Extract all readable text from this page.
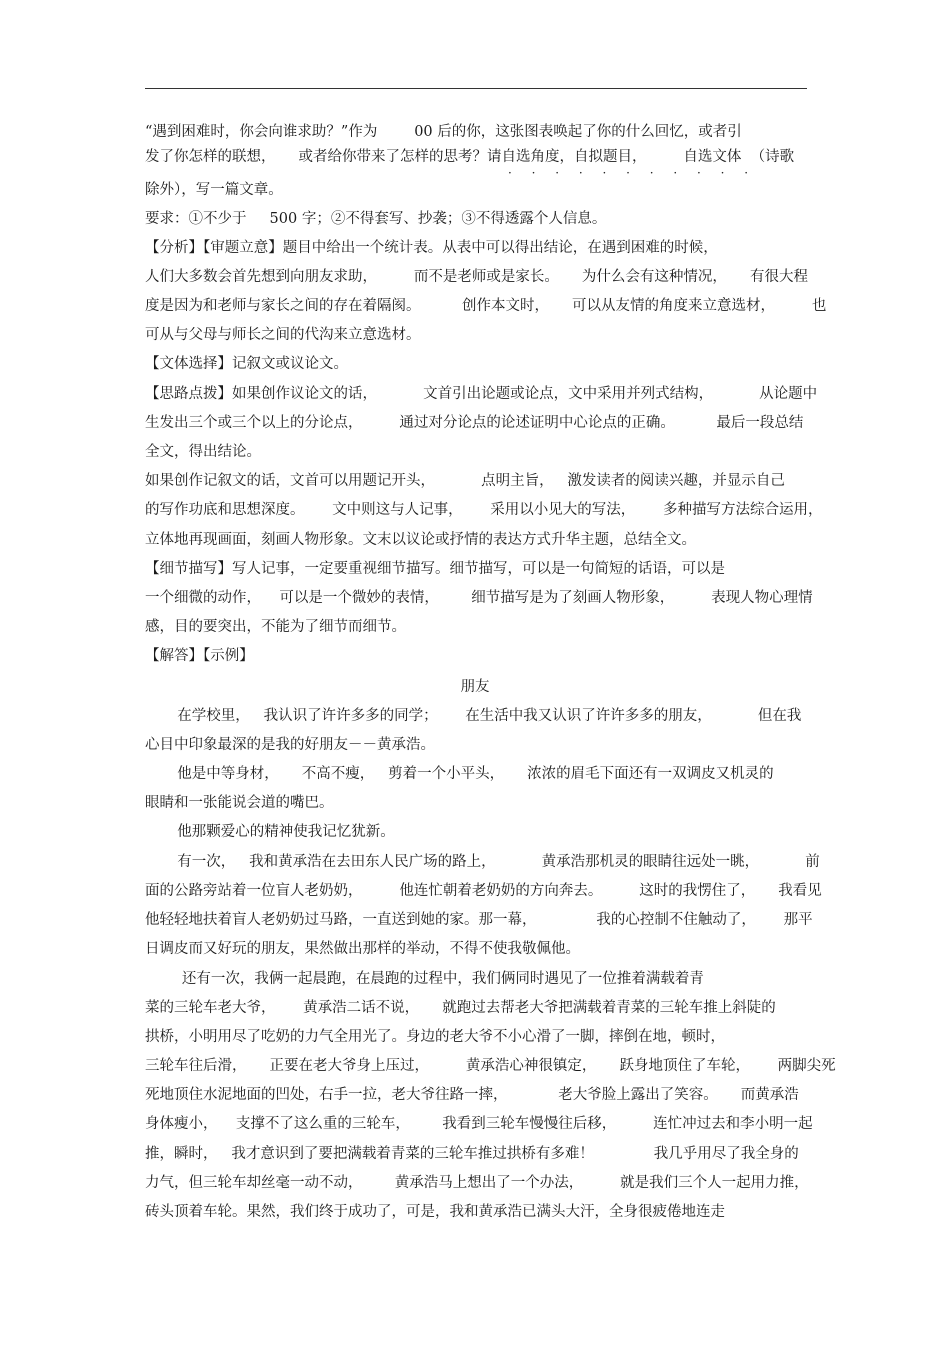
“遇到困难时，你会向谁求助？”作为        00 后的你，这张图表唤起了你的什么回忆，或者引
发了你怎样的联想，     或者给你带来了怎样的思考？请自选角度，自拟题目，        自选文体  （诗歌
· · · · · · · · · · ·
除外），写一篇文章。
要求：①不少于     500 字；②不得套写、抄袭；③不得透露个人信息。
【分析】【审题立意】题目中给出一个统计表。从表中可以得出结论，在遇到困难的时候，
人们大多数会首先想到向朋友求助，        而不是老师或是家长。     为什么会有这种情况，     有很大程
度是因为和老师与家长之间的存在着隔阂。         创作本文时，     可以从友情的角度来立意选材，        也
可从与父母与师长之间的代沟来立意选材。
【文体选择】记叙文或议论文。
【思路点拨】如果创作议论文的话，          文首引出论题或论点，文中采用并列式结构，          从论题中
生发出三个或三个以上的分论点，        通过对分论点的论述证明中心论点的正确。         最后一段总结
全文，得出结论。
如果创作记叙文的话，文首可以用题记开头，          点明主旨，   激发读者的阅读兴趣，并显示自己
的写作功底和思想深度。      文中则这与人记事，      采用以小见大的写法，      多种描写方法综合运用，
立体地再现画面，刻画人物形象。文末以议论或抒情的表达方式升华主题，总结全文。
【细节描写】写人记事，一定要重视细节描写。细节描写，可以是一句简短的话语，可以是
一个细微的动作，    可以是一个微妙的表情，       细节描写是为了刻画人物形象，        表现人物心理情
感，目的要突出，不能为了细节而细节。
【解答】【示例】
朋友
在学校里，   我认识了许许多多的同学；      在生活中我又认识了许许多多的朋友，          但在我
心目中印象最深的是我的好朋友－－黄承浩。
他是中等身材，     不高不瘦，   剪着一个小平头，     浓浓的眉毛下面还有一双调皮又机灵的
眼睛和一张能说会道的嘴巴。
他那颗爱心的精神使我记忆犹新。
有一次，   我和黄承浩在去田东人民广场的路上，          黄承浩那机灵的眼睛往远处一眺，          前
面的公路旁站着一位盲人老奶奶，        他连忙朝着老奶奶的方向奔去。        这时的我愣住了，     我看见
他轻轻地扶着盲人老奶奶过马路，一直送到她的家。那一幕，             我的心控制不住触动了，      那平
日调皮而又好玩的朋友，果然做出那样的举动，不得不使我敬佩他。
还有一次，我俩一起晨跑，在晨跑的过程中，我们俩同时遇见了一位推着满载着青
菜的三轮车老大爷，      黄承浩二话不说，     就跑过去帮老大爷把满载着青菜的三轮车推上斜陡的
拱桥，小明用尽了吃奶的力气全用光了。身边的老大爷不小心滑了一脚，摔倒在地，顿时，
三轮车往后滑，     正要在老大爷身上压过，        黄承浩心神很镇定，     跃身地顶住了车轮，      两脚尖死
死地顶住水泥地面的凹处，右手一拉，老大爷往路一摔，           老大爷脸上露出了笑容。     而黄承浩
身体瘦小，    支撑不了这么重的三轮车，       我看到三轮车慢慢往后移，        连忙冲过去和李小明一起
推，瞬时，   我才意识到了要把满载着青菜的三轮车推过拱桥有多难！             我几乎用尽了我全身的
力气，但三轮车却丝毫一动不动，       黄承浩马上想出了一个办法，        就是我们三个人一起用力推，
砖头顶着车轮。果然，我们终于成功了，可是，我和黄承浩已满头大汗，全身很疲倦地连走
